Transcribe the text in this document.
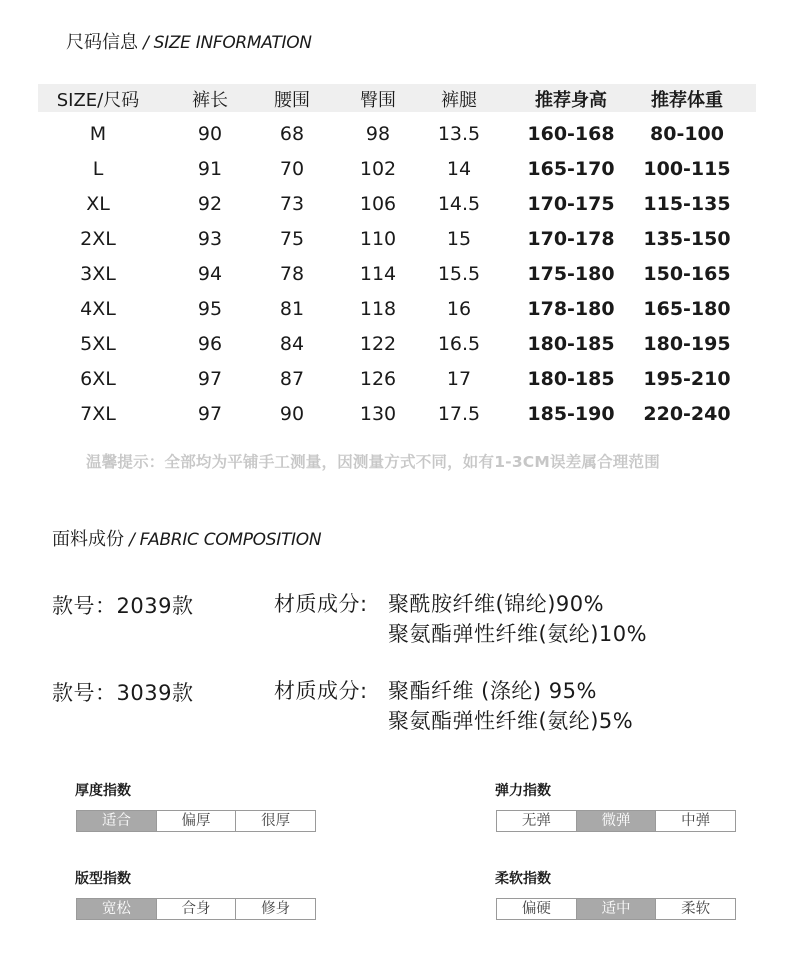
尺码信息 / SIZE INFORMATION
SIZE/尺码	裤长	腰围	臀围	裤腿	推荐身高 推荐体重
M	90	68	98	13.5 160-168 80-100
L	91	70	102	14	165-170 100-115
XL	92	73	106 14.5 170-175 115-135
2XL	93	75	110	15	170-178 135-150
3XL	94	78	114 15.5 175-180 150-165
4XL	95	81	118	16	178-180 165-180
5XL	96	84	122 16.5 180-185 180-195
6XL	97	87	126	17	180-185 195-210
7XL	97	90	130 17.5 185-190 220-240
温馨提示：全部均为平铺手工测量，因测量方式不同，如有1-3CM误差属合理范围
面料成份 / FABRIC COMPOSITION
款号：2039款	材质成分: 聚酰胺纤维(锦纶)90%
聚氨酯弹性纤维(氨纶)10%
款号：3039款	材质成分: 聚酯纤维 (涤纶) 95%
聚氨酯弹性纤维(氨纶)5%
厚度指数
适合	偏厚	很厚
弹力指数
无弹	微弹	中弹
版型指数
宽松	合身	修身
柔软指数
偏硬	适中	柔软
